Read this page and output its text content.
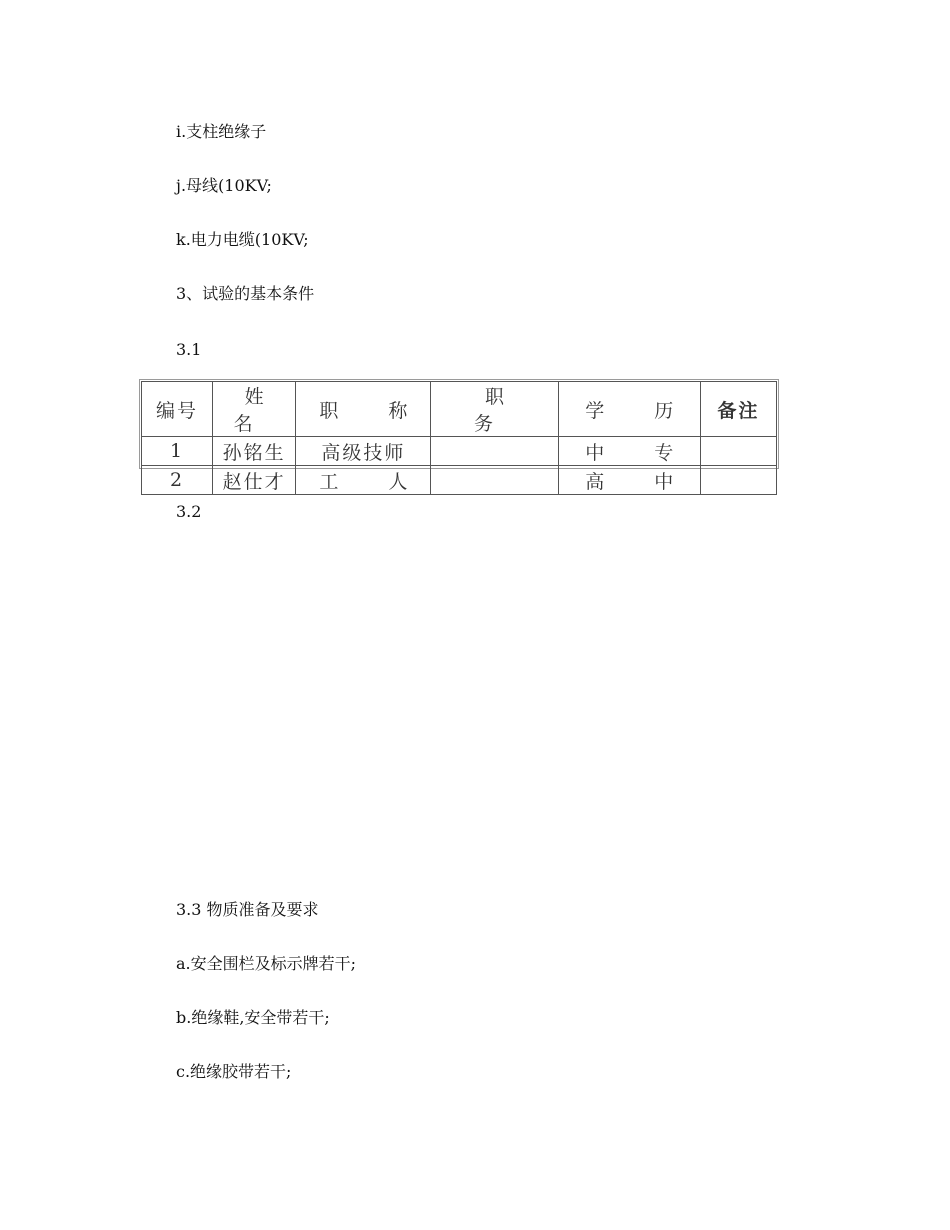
i.支柱绝缘子
j.母线(10KV;
k.电力电缆(10KV;
3、试验的基本条件
3.1
编号	姓 名	职 称	职 务	学 历	备注
1	孙铭生	高级技师		中 专	
2	赵仕才	工 人		高 中	
3.2
3.3 物质准备及要求
a.安全围栏及标示牌若干;
b.绝缘鞋,安全带若干;
c.绝缘胶带若干;
